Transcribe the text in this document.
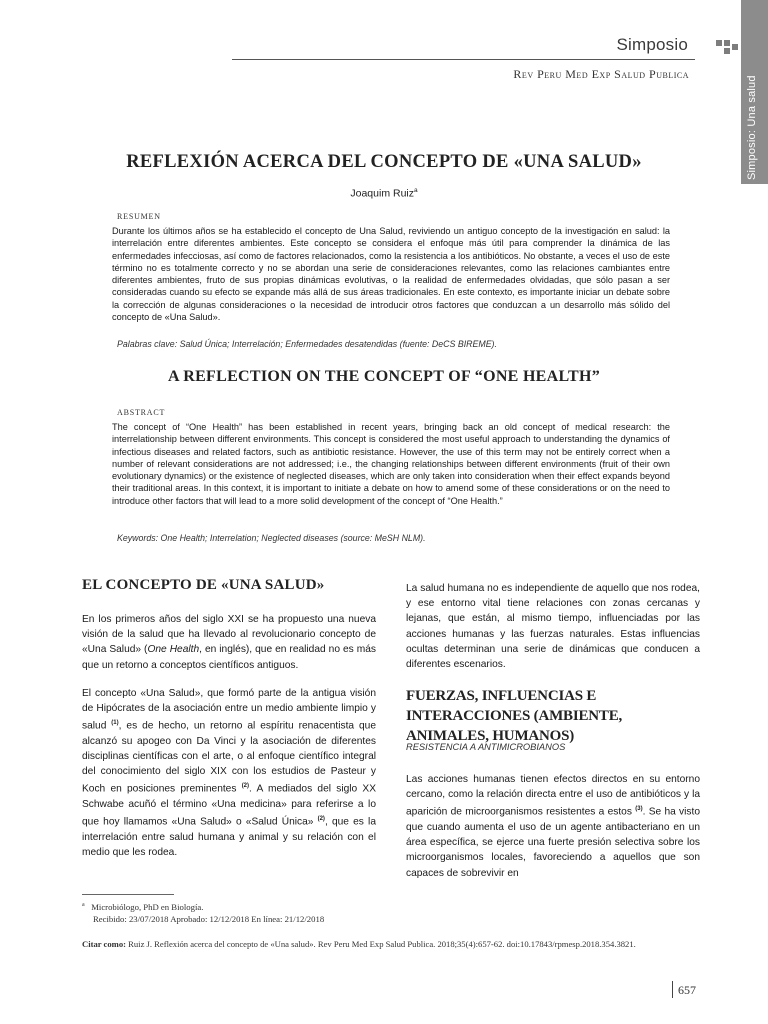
Simposio: Una salud
Simposio
Rev Peru Med Exp Salud Publica
REFLEXIÓN ACERCA DEL CONCEPTO DE «UNA SALUD»
Joaquim Ruiz$^a$
resumen
Durante los últimos años se ha establecido el concepto de Una Salud, reviviendo un antiguo concepto de la investigación en salud: la interrelación entre diferentes ambientes. Este concepto se considera el enfoque más útil para comprender la dinámica de las enfermedades infecciosas, así como de factores relacionados, como la resistencia a los antibióticos. No obstante, a veces el uso de este término no es totalmente correcto y no se abordan una serie de consideraciones relevantes, como las relaciones cambiantes entre diferentes ambientes, fruto de sus propias dinámicas evolutivas, o la realidad de enfermedades olvidadas, que sólo pasan a ser consideradas cuando su efecto se expande más allá de sus áreas tradicionales. En este contexto, es importante iniciar un debate sobre la corrección de algunas consideraciones o la necesidad de introducir otros factores que conduzcan a un desarrollo más sólido del concepto de «Una Salud».
Palabras clave: Salud Única; Interrelación; Enfermedades desatendidas (fuente: DeCS BIREME).
A REFLECTION ON THE CONCEPT OF “ONE HEALTH”
abstract
The concept of “One Health” has been established in recent years, bringing back an old concept of medical research: the interrelationship between different environments. This concept is considered the most useful approach to understanding the dynamics of infectious diseases and related factors, such as antibiotic resistance. However, the use of this term may not be entirely correct when a number of relevant considerations are not addressed; i.e., the changing relationships between different environments (fruit of their own evolutionary dynamics) or the existence of neglected diseases, which are only taken into consideration when their effect expands beyond their traditional areas. In this context, it is important to initiate a debate on how to amend some of these considerations or on the need to introduce other factors that will lead to a more solid development of the concept of “One Health.”
Keywords: One Health; Interrelation; Neglected diseases (source: MeSH NLM).
EL CONCEPTO DE «UNA SALUD»

En los primeros años del siglo XXI se ha propuesto una nueva visión de la salud que ha llevado al revolucionario concepto de «Una Salud» (One Health, en inglés), que en realidad no es más que un retorno a conceptos científicos antiguos.

El concepto «Una Salud», que formó parte de la antigua visión de Hipócrates de la asociación entre un medio ambiente limpio y salud $^{(1)}$, es de hecho, un retorno al espíritu renacentista que alcanzó su apogeo con Da Vinci y la asociación de diferentes disciplinas científicas con el arte, o al enfoque científico integral del conocimiento del siglo XIX con los estudios de Pasteur y Koch en posiciones preminentes $^{(2)}$. A mediados del siglo XX Schwabe acuñó el término «Una medicina» para referirse a lo que hoy llamamos «Una Salud» o «Salud Única» $^{(2)}$, que es la interrelación entre salud humana y animal y su relación con el medio que les rodea.

La salud humana no es independiente de aquello que nos rodea, y ese entorno vital tiene relaciones con zonas cercanas y lejanas, que están, al mismo tiempo, influenciadas por las acciones humanas y las fuerzas naturales. Estas influencias ocultas determinan una serie de dinámicas que conducen a diferentes escenarios.

FUERZAS, INFLUENCIAS E INTERACCIONES (AMBIENTE, ANIMALES, HUMANOS)
RESISTENCIA A ANTIMICROBIANOS

Las acciones humanas tienen efectos directos en su entorno cercano, como la relación directa entre el uso de antibióticos y la aparición de microorganismos resistentes a estos $^{(3)}$. Se ha visto que cuando aumenta el uso de un agente antibacteriano en un área específica, se ejerce una fuerte presión selectiva sobre los microorganismos locales, favoreciendo a aquellos que son capaces de sobrevivir en

$^a$ Microbiólogo, PhD en Biología.
Recibido: 23/07/2018 Aprobado: 12/12/2018 En línea: 21/12/2018
Citar como: Ruiz J. Reflexión acerca del concepto de «Una salud». Rev Peru Med Exp Salud Publica. 2018;35(4):657-62. doi:10.17843/rpmesp.2018.354.3821.
657
